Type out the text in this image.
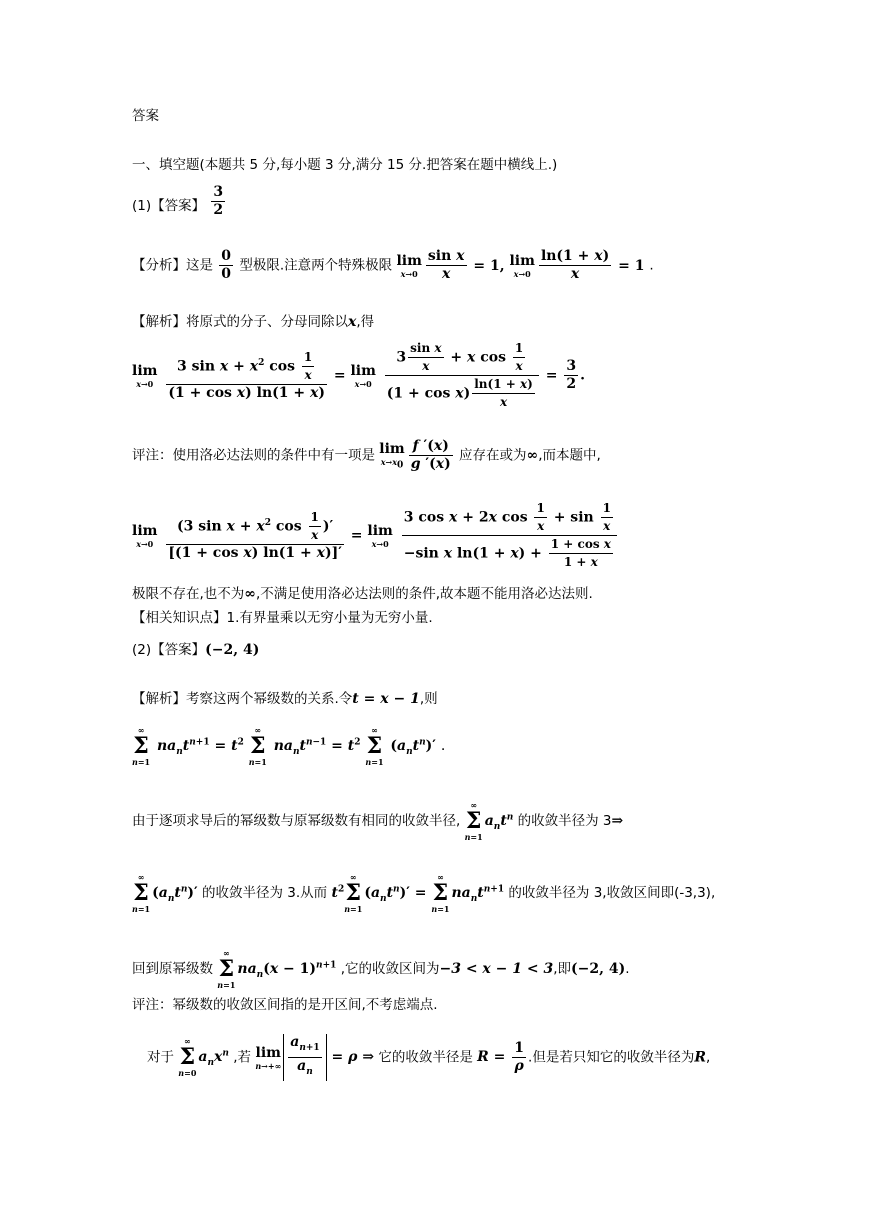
答案
一、填空题(本题共 5 分,每小题 3 分,满分 15 分.把答案在题中横线上.)
(1)【答案】 $\frac{3}{2}$
【分析】这是 $\frac{0}{0}$ 型极限.注意两个特殊极限 lim
$x\to 0 \frac{\text{sin x}}{x} = 1$, lim
$x\to 0 \frac{\ln(1 + x)}{x} = 1$ .
【解析】将原式的分子、分母同除以x,得
lim
x→0
$\frac{3 \sin x + x^2 \cos \frac{1}{x}}{\text{(1 + cos x) ln(1 + x)}} = \lim$
x→0
$\frac{3 \frac{\text{sin x}}{x} + x \cos \frac{1}{x}}{(1 + \cos x) \frac{\ln(1 + x)}{x}} = \frac{3}{2}$ .
评注：使用洛必达法则的条件中有一项是 lim
$x\to x_0 \frac{f '(x)}{g '(x)}$ 应存在或为∞,而本题中,
lim
x→0
$\frac{(3 \sin x + x^2 \cos \frac{1}{x} )'}{\text{[(1 + cos x) ln(1 + x)]′}} = \lim$
x→0
$\frac{3 \cos x + 2x \cos \frac{1}{x} + \sin \frac{1}{x}}{-\sin x \ln(1 + x) + \frac{\text{1 + cos x}}{1 + x}}$
极限不存在,也不为∞,不满足使用洛必达法则的条件,故本题不能用洛必达法则.
【相关知识点】1.有界量乘以无穷小量为无穷小量.
(2)【答案】(−2, 4)
【解析】考察这两个幂级数的关系.令t = x − 1,则
∞
Σ
n=1
$na_nt^{n+1} = t^2$
∞
Σ
n=1
$na_nt^{n-1} = t^2$
∞
Σ
n=1
$(a_nt^n)'$ .
由于逐项求导后的幂级数与原幂级数有相同的收敛半径,
∞
Σ
n=1
$a_nt^n$ 的收敛半径为 3⇒
∞
Σ
n=1
$(a_nt^n)'$ 的收敛半径为 3.从而 $t^2$
∞
Σ
n=1
$(a_nt^n)'$ =
∞
Σ
n=1
$na_nt^{n+1}$ 的收敛半径为 3,收敛区间即(-3,3),
回到原幂级数
∞
Σ
n=1
$na_n(x - 1)^{n+1}$ ,它的收敛区间为−3 < x − 1 < 3,即(−2, 4).
评注：幂级数的收敛区间指的是开区间,不考虑端点.
对于
∞
Σ
n=0
$a_nx^n$ ,若 lim
$n\to+\infty \frac{a_{n+1}}{a_n} = \rho$ ⇒ 它的收敛半径是 $R = \frac{1}{\rho}$ .但是若只知它的收敛半径为R,
